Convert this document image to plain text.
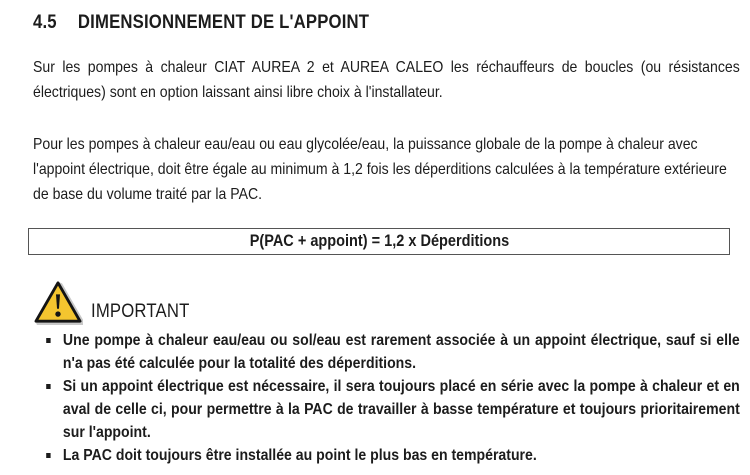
4.5 DIMENSIONNEMENT DE L'APPOINT

Sur les pompes à chaleur CIAT AUREA 2 et AUREA CALEO les réchauffeurs de boucles (ou résistances électriques) sont en option laissant ainsi libre choix à l'installateur.

Pour les pompes à chaleur eau/eau ou eau glycolée/eau, la puissance globale de la pompe à chaleur avec l'appoint électrique, doit être égale au minimum à 1,2 fois les déperditions calculées à la température extérieure de base du volume traité par la PAC.

P(PAC + appoint) = 1,2 x Déperditions
IMPORTANT
Une pompe à chaleur eau/eau ou sol/eau est rarement associée à un appoint électrique, sauf si elle n'a pas été calculée pour la totalité des déperditions.
Si un appoint électrique est nécessaire, il sera toujours placé en série avec la pompe à chaleur et en aval de celle ci, pour permettre à la PAC de travailler à basse température et toujours prioritairement sur l'appoint.
La PAC doit toujours être installée au point le plus bas en température.
